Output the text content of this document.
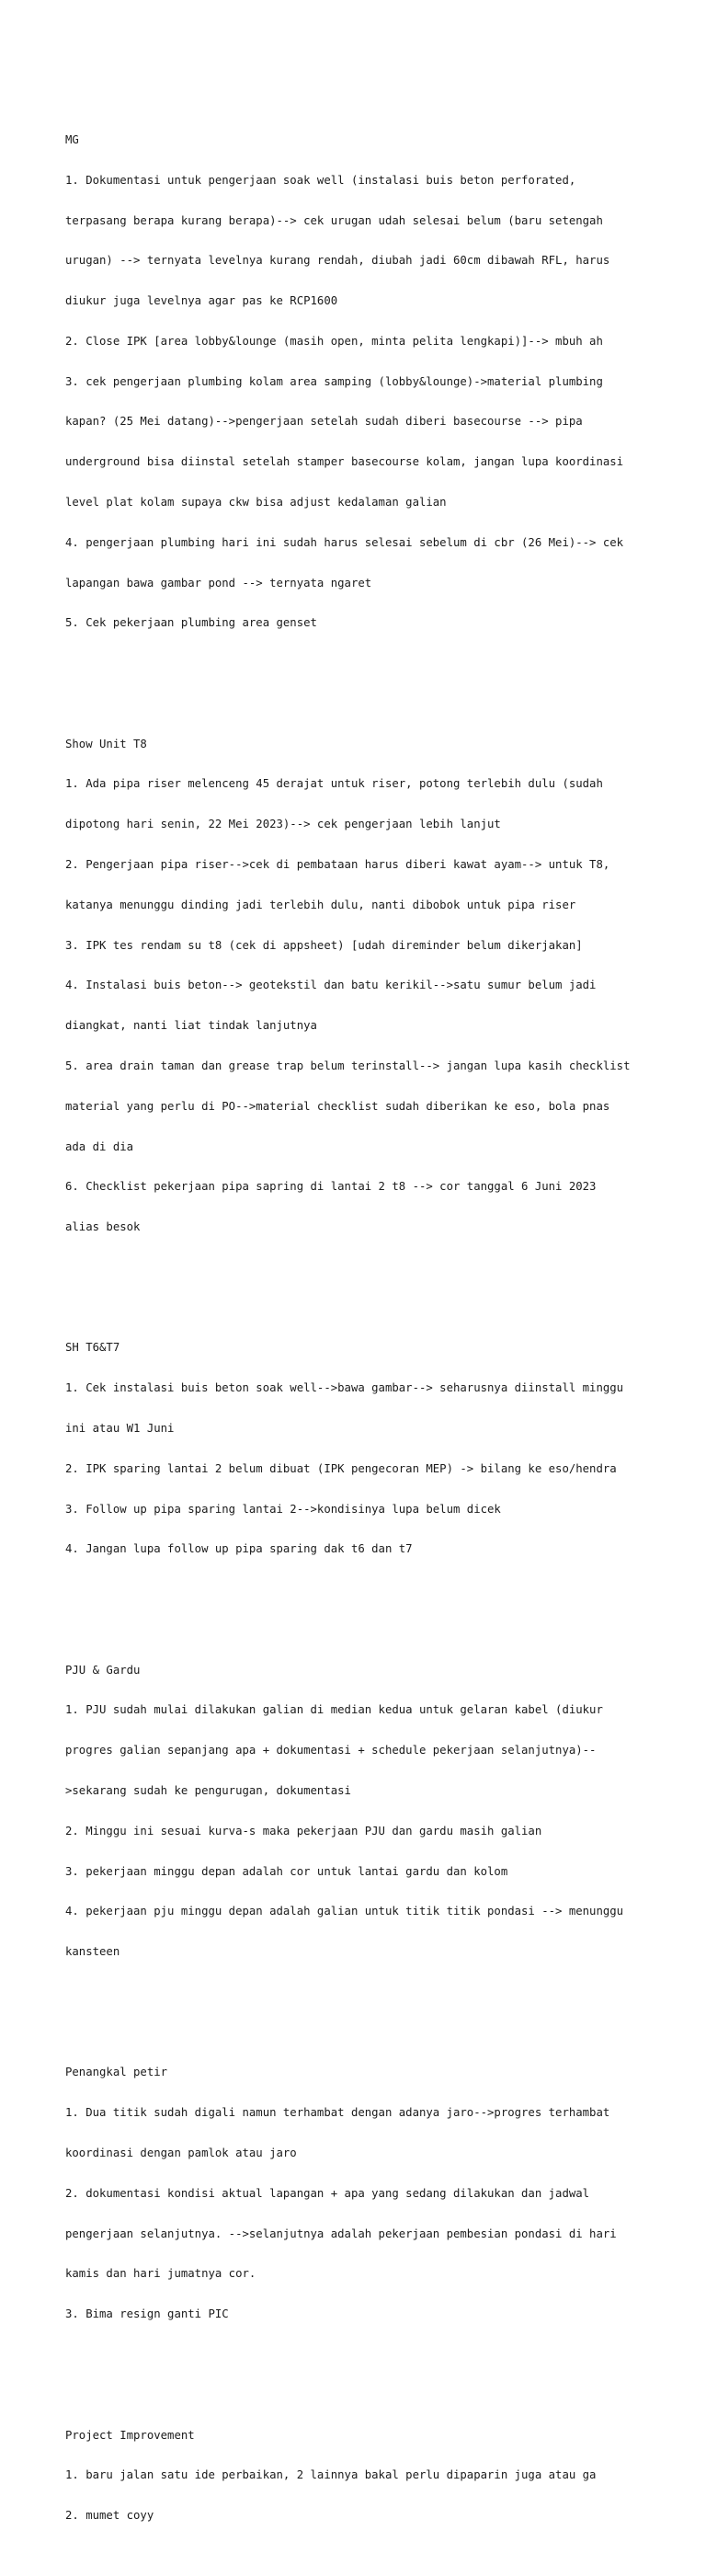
MG

1. Dokumentasi untuk pengerjaan soak well (instalasi buis beton perforated,

terpasang berapa kurang berapa)--> cek urugan udah selesai belum (baru setengah

urugan) --> ternyata levelnya kurang rendah, diubah jadi 60cm dibawah RFL, harus

diukur juga levelnya agar pas ke RCP1600

2. Close IPK [area lobby&lounge (masih open, minta pelita lengkapi)]--> mbuh ah

3. cek pengerjaan plumbing kolam area samping (lobby&lounge)->material plumbing

kapan? (25 Mei datang)-->pengerjaan setelah sudah diberi basecourse --> pipa

underground bisa diinstal setelah stamper basecourse kolam, jangan lupa koordinasi

level plat kolam supaya ckw bisa adjust kedalaman galian

4. pengerjaan plumbing hari ini sudah harus selesai sebelum di cbr (26 Mei)--> cek

lapangan bawa gambar pond --> ternyata ngaret

5. Cek pekerjaan plumbing area genset

Show Unit T8

1. Ada pipa riser melenceng 45 derajat untuk riser, potong terlebih dulu (sudah

dipotong hari senin, 22 Mei 2023)--> cek pengerjaan lebih lanjut

2. Pengerjaan pipa riser-->cek di pembataan harus diberi kawat ayam--> untuk T8,

katanya menunggu dinding jadi terlebih dulu, nanti dibobok untuk pipa riser

3. IPK tes rendam su t8 (cek di appsheet) [udah direminder belum dikerjakan]

4. Instalasi buis beton--> geotekstil dan batu kerikil-->satu sumur belum jadi

diangkat, nanti liat tindak lanjutnya

5. area drain taman dan grease trap belum terinstall--> jangan lupa kasih checklist

material yang perlu di PO-->material checklist sudah diberikan ke eso, bola pnas

ada di dia

6. Checklist pekerjaan pipa sapring di lantai 2 t8 --> cor tanggal 6 Juni 2023

alias besok

SH T6&T7

1. Cek instalasi buis beton soak well-->bawa gambar--> seharusnya diinstall minggu

ini atau W1 Juni

2. IPK sparing lantai 2 belum dibuat (IPK pengecoran MEP) -> bilang ke eso/hendra

3. Follow up pipa sparing lantai 2-->kondisinya lupa belum dicek

4. Jangan lupa follow up pipa sparing dak t6 dan t7

PJU & Gardu

1. PJU sudah mulai dilakukan galian di median kedua untuk gelaran kabel (diukur

progres galian sepanjang apa + dokumentasi + schedule pekerjaan selanjutnya)--

>sekarang sudah ke pengurugan, dokumentasi

2. Minggu ini sesuai kurva-s maka pekerjaan PJU dan gardu masih galian

3. pekerjaan minggu depan adalah cor untuk lantai gardu dan kolom

4. pekerjaan pju minggu depan adalah galian untuk titik titik pondasi --> menunggu

kansteen

Penangkal petir

1. Dua titik sudah digali namun terhambat dengan adanya jaro-->progres terhambat

koordinasi dengan pamlok atau jaro

2. dokumentasi kondisi aktual lapangan + apa yang sedang dilakukan dan jadwal

pengerjaan selanjutnya. -->selanjutnya adalah pekerjaan pembesian pondasi di hari

kamis dan hari jumatnya cor.

3. Bima resign ganti PIC

Project Improvement

1. baru jalan satu ide perbaikan, 2 lainnya bakal perlu dipaparin juga atau ga

2. mumet coyy
